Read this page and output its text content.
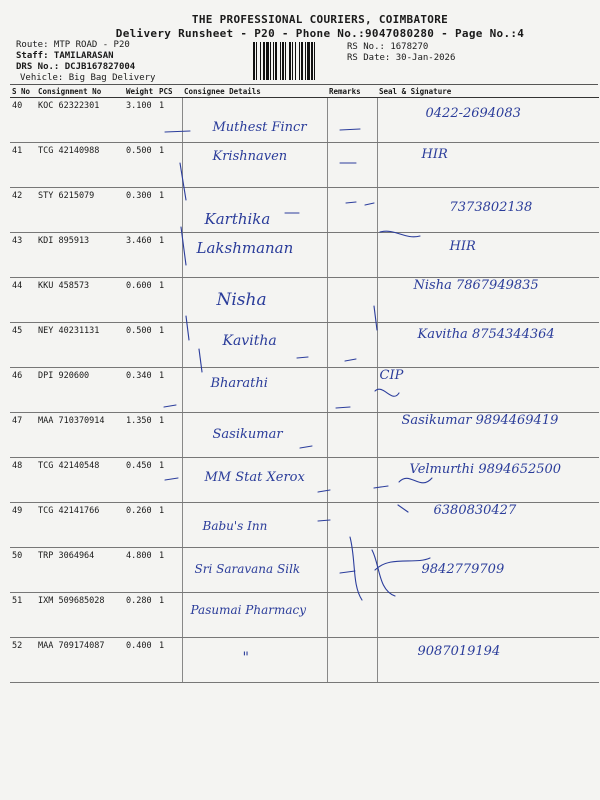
THE PROFESSIONAL COURIERS, COIMBATORE
Delivery Runsheet - P20 - Phone No.:9047080280 - Page No.:4
Route: MTP ROAD - P20
Staff: TAMILARASAN
DRS No.: DCJB167827004
Vehicle: Big Bag Delivery
RS No.: 1678270
RS Date: 30-Jan-2026
S No	Consignment No	Weight	PCS	Consignee Details	Remarks	Seal & Signature
40	KOC 62322301	3.100	1	Muthest Fincr		0422-2694083

41	TCG 42140988	0.500	1	Krishnaven		HIR

42	STY 6215079	0.300	1	Karthika		7373802138

43	KDI 895913	3.460	1	Lakshmanan		HIR

44	KKU 458573	0.600	1	Nisha		Nisha 7867949835

45	NEY 40231131	0.500	1	Kavitha		Kavitha 8754344364

46	DPI 920600	0.340	1	Bharathi		CIP

47	MAA 710370914	1.350	1	Sasikumar		Sasikumar 9894469419

48	TCG 42140548	0.450	1	MM Stat Xerox		Velmurthi 9894652500

49	TCG 42141766	0.260	1	Babu's Inn		6380830427

50	TRP 3064964	4.800	1	Sri Saravana Silk		9842779709

51	IXM 509685028	0.280	1	Pasumai Pharmacy		

52	MAA 709174087	0.400	1	"		9087019194
